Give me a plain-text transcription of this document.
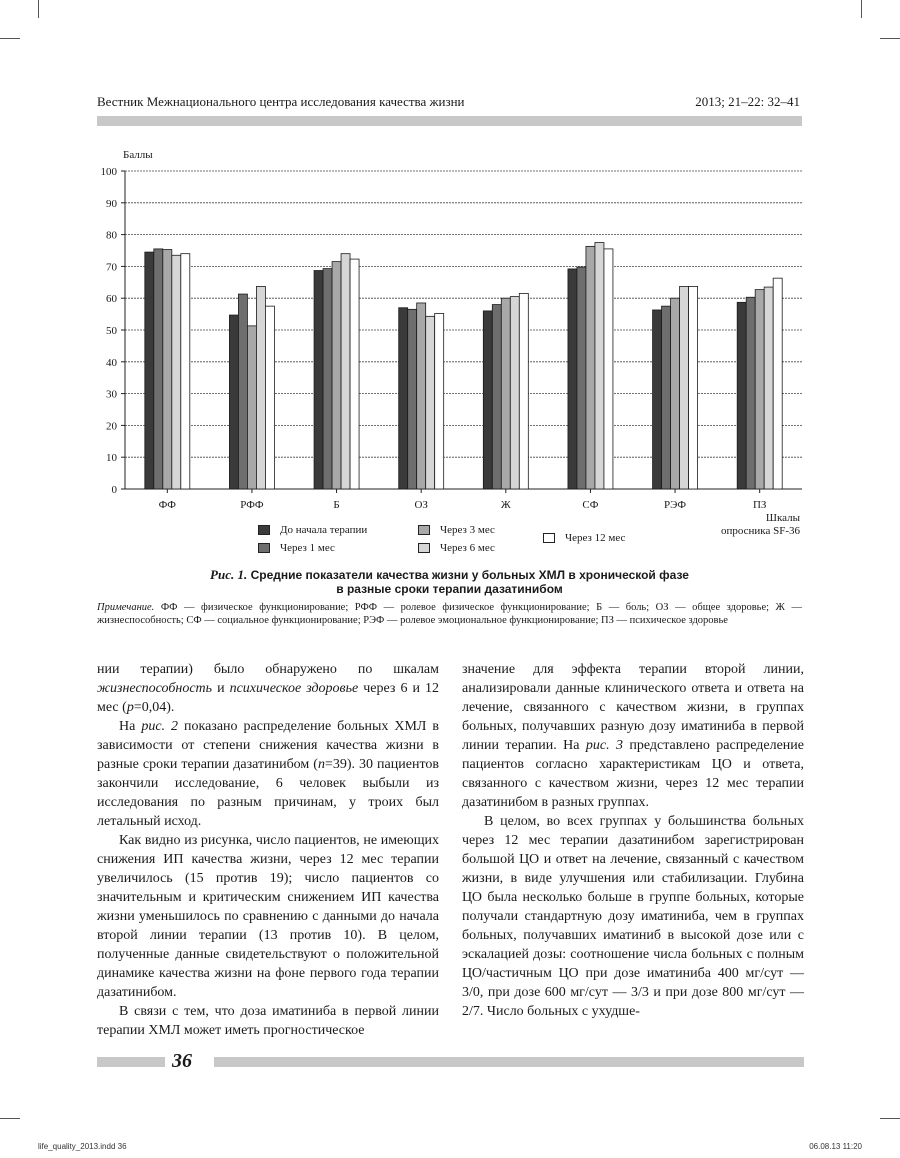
Вестник Межнационального центра исследования качества жизни	2013; 21–22: 32–41
Баллы
0
10
20
30
40
50
60
70
80
90
100
ФФ	РФФ	Б	ОЗ	Ж	СФ	РЭФ	ПЗ
До начала терапии
Через 1 мес
Через 3 мес
Через 6 мес
Через 12 мес
Шкалы
опросника SF-36
Рис. 1. Средние показатели качества жизни у больных ХМЛ в хронической фазе
в разные сроки терапии дазатинибом
Примечание. ФФ — физическое функционирование; РФФ — ролевое физическое функционирование; Б — боль; ОЗ — общее здоровье; Ж — жизнеспособность; СФ — социальное функционирование; РЭФ — ролевое эмоциональное функционирование; ПЗ — психическое здоровье

нии терапии) было обнаружено по шкалам жизнеспособность и психическое здоровье через 6 и 12 мес (p=0,04).

На рис. 2 показано распределение больных ХМЛ в зависимости от степени снижения качества жизни в разные сроки терапии дазатинибом (n=39). 30 пациентов закончили исследование, 6 человек выбыли из исследования по разным причинам, у троих был летальный исход.

Как видно из рисунка, число пациентов, не имеющих снижения ИП качества жизни, через 12 мес терапии увеличилось (15 против 19); число пациентов со значительным и критическим снижением ИП качества жизни уменьшилось по сравнению с данными до начала второй линии терапии (13 против 10). В целом, полученные данные свидетельствуют о положительной динамике качества жизни на фоне первого года терапии дазатинибом.

В связи с тем, что доза иматиниба в первой линии терапии ХМЛ может иметь прогностическое

значение для эффекта терапии второй линии, анализировали данные клинического ответа и ответа на лечение, связанного с качеством жизни, в группах больных, получавших разную дозу иматиниба в первой линии терапии. На рис. 3 представлено распределение пациентов согласно характеристикам ЦО и ответа, связанного с качеством жизни, через 12 мес терапии дазатинибом в разных группах.

В целом, во всех группах у большинства больных через 12 мес терапии дазатинибом зарегистрирован большой ЦО и ответ на лечение, связанный с качеством жизни, в виде улучшения или стабилизации. Глубина ЦО была несколько больше в группе больных, которые получали стандартную дозу иматиниба, чем в группах больных, получавших иматиниб в высокой дозе или с эскалацией дозы: соотношение числа больных с полным ЦО/частичным ЦО при дозе иматиниба 400 мг/сут — 3/0, при дозе 600 мг/сут — 3/3 и при дозе 800 мг/сут — 2/7. Число больных с ухудше-

36
life_quality_2013.indd 36	06.08.13 11:20
